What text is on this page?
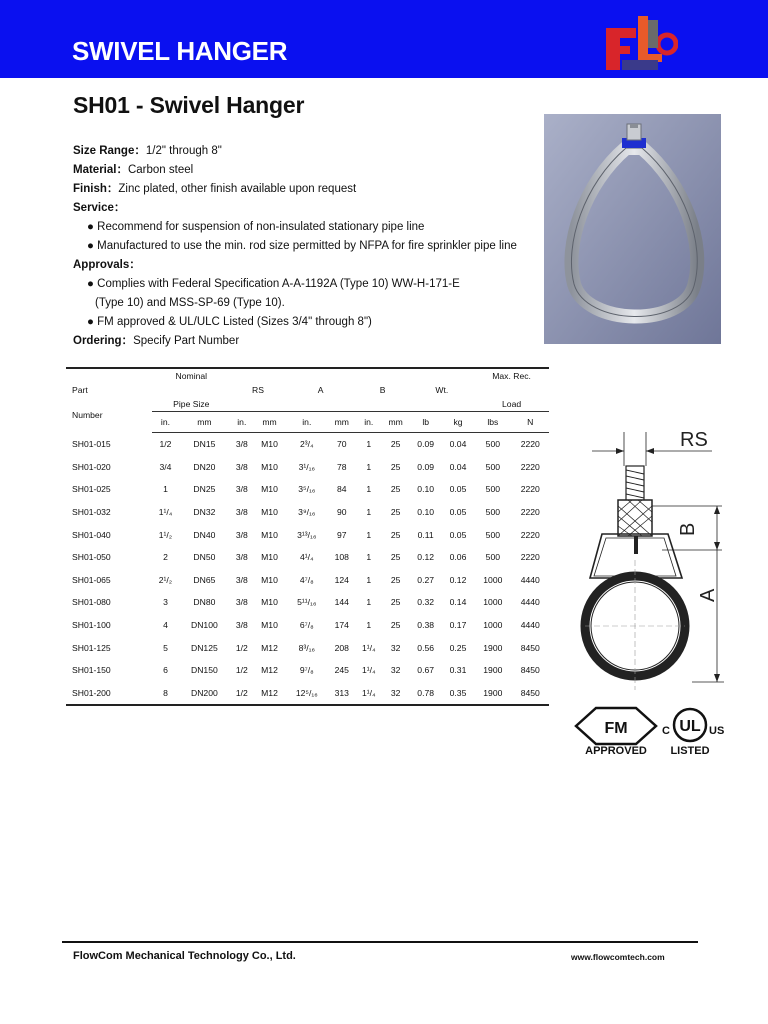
SWIVEL HANGER
SH01 - Swivel Hanger
Size Range：1/2" through 8"
Material：Carbon steel
Finish：Zinc plated, other finish available upon request
Service：
● Recommend for suspension of non-insulated stationary pipe line
● Manufactured to use the min. rod size permitted by NFPA for fire sprinkler pipe line
Approvals：
● Complies with Federal Specification A-A-1192A (Type 10) WW-H-171-E
(Type 10) and MSS-SP-69 (Type 10).
● FM approved & UL/ULC Listed (Sizes 3/4" through 8")
Ordering：Specify Part Number
	Nominal										Max. Rec.	
Part			RS		A		B		Wt.			
Number	Pipe Size										Load	
	in.	mm	in.	mm	in.	mm	in.	mm	lb	kg	lbs	N
SH01-015	1/2	DN15	3/8	M10	2³/₄	70	1	25	0.09	0.04	500	2220
SH01-020	3/4	DN20	3/8	M10	3¹/₁₆	78	1	25	0.09	0.04	500	2220
SH01-025	1	DN25	3/8	M10	3⁵/₁₆	84	1	25	0.10	0.05	500	2220
SH01-032	1¹/₄	DN32	3/8	M10	3⁹/₁₆	90	1	25	0.10	0.05	500	2220
SH01-040	1¹/₂	DN40	3/8	M10	3¹³/₁₆	97	1	25	0.11	0.05	500	2220
SH01-050	2	DN50	3/8	M10	4¹/₄	108	1	25	0.12	0.06	500	2220
SH01-065	2¹/₂	DN65	3/8	M10	4⁷/₈	124	1	25	0.27	0.12	1000	4440
SH01-080	3	DN80	3/8	M10	5¹¹/₁₆	144	1	25	0.32	0.14	1000	4440
SH01-100	4	DN100	3/8	M10	6⁷/₈	174	1	25	0.38	0.17	1000	4440
SH01-125	5	DN125	1/2	M12	8³/₁₆	208	1¹/₄	32	0.56	0.25	1900	8450
SH01-150	6	DN150	1/2	M12	9⁷/₈	245	1¹/₄	32	0.67	0.31	1900	8450
SH01-200	8	DN200	1/2	M12	12⁵/₁₆	313	1¹/₄	32	0.78	0.35	1900	8450
RS
B
A
FM
APPROVED
C UL US
LISTED
FlowCom Mechanical Technology Co., Ltd.	www.flowcomtech.com
